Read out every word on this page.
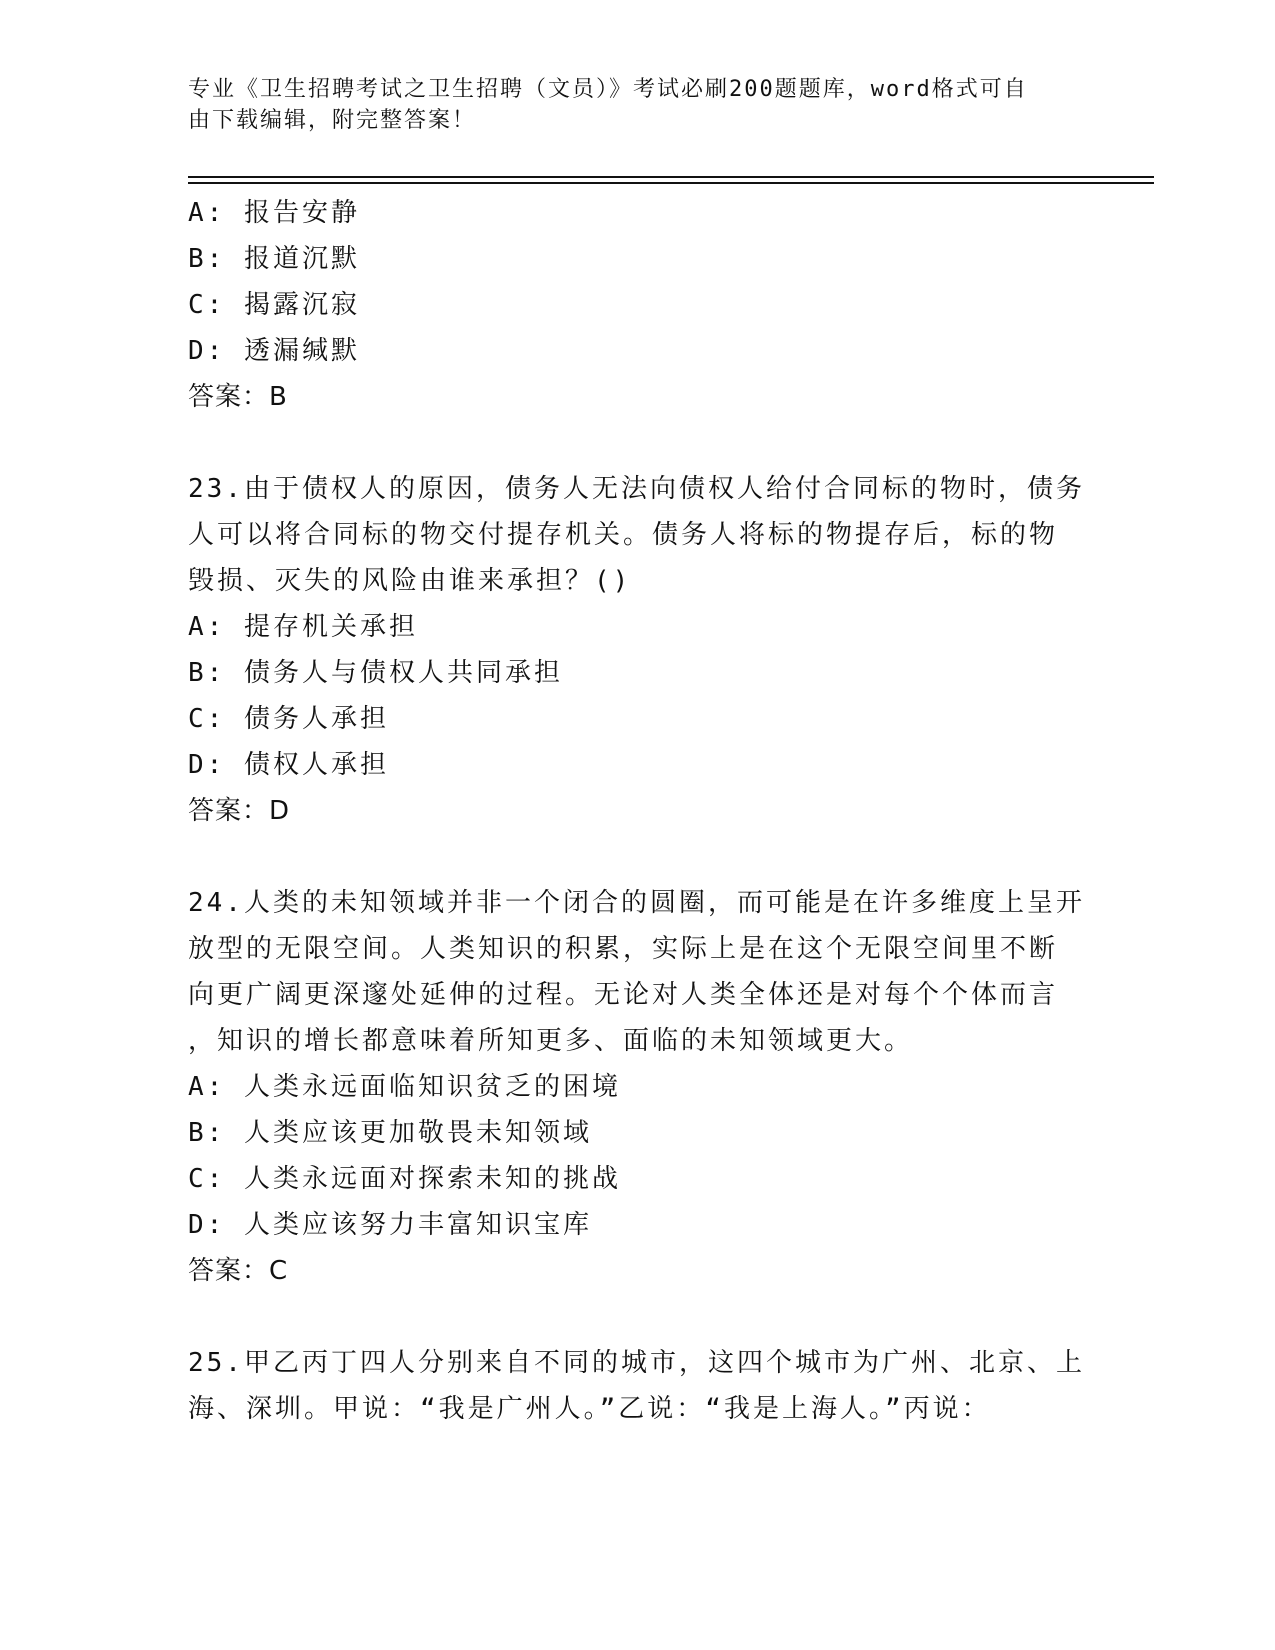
专业《卫生招聘考试之卫生招聘（文员）》考试必刷200题题库，word格式可自
由下载编辑，附完整答案！
A: 报告安静
B: 报道沉默
C: 揭露沉寂
D: 透漏缄默
答案：B
23.由于债权人的原因，债务人无法向债权人给付合同标的物时，债务
人可以将合同标的物交付提存机关。债务人将标的物提存后，标的物
毁损、灭失的风险由谁来承担？()
A: 提存机关承担
B: 债务人与债权人共同承担
C: 债务人承担
D: 债权人承担
答案：D
24.人类的未知领域并非一个闭合的圆圈，而可能是在许多维度上呈开
放型的无限空间。人类知识的积累，实际上是在这个无限空间里不断
向更广阔更深邃处延伸的过程。无论对人类全体还是对每个个体而言
，知识的增长都意味着所知更多、面临的未知领域更大。
A: 人类永远面临知识贫乏的困境
B: 人类应该更加敬畏未知领域
C: 人类永远面对探索未知的挑战
D: 人类应该努力丰富知识宝库
答案：C
25.甲乙丙丁四人分别来自不同的城市，这四个城市为广州、北京、上
海、深圳。甲说：“我是广州人。”乙说：“我是上海人。”丙说：
